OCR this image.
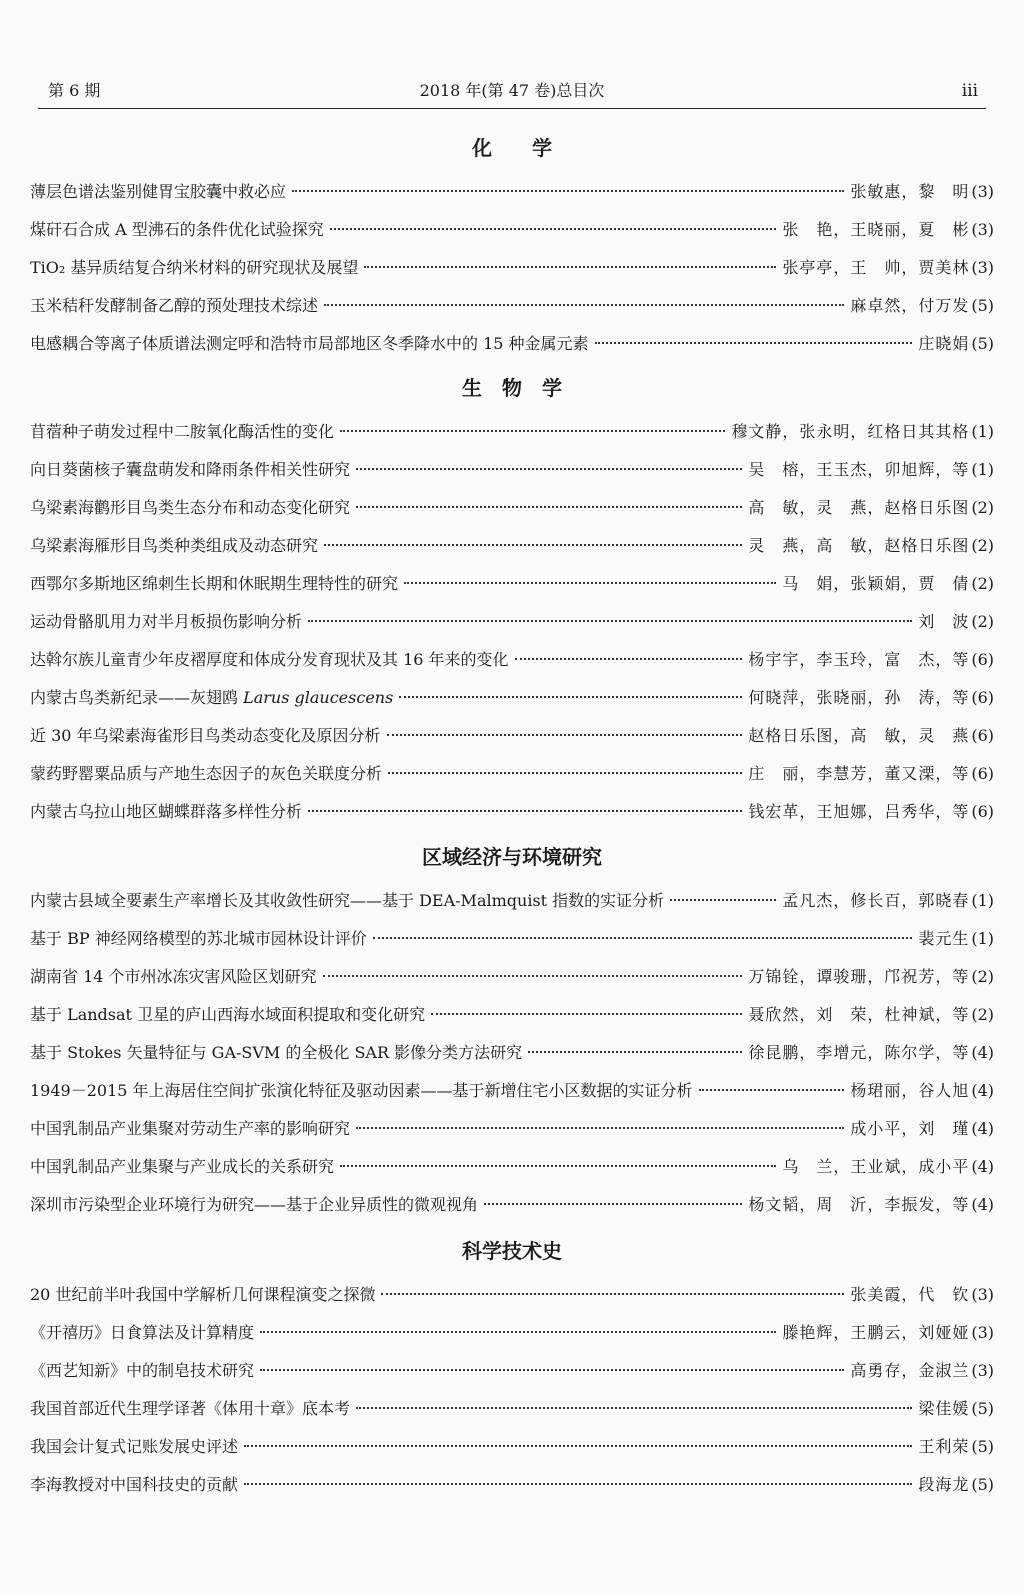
第 6 期	2018 年(第 47 卷)总目次	ⅲ
化　　学
薄层色谱法鉴别健胃宝胶囊中救必应	张敏惠，黎　明 (3)
煤矸石合成 A 型沸石的条件优化试验探究	张　艳，王晓丽，夏　彬 (3)
TiO₂ 基异质结复合纳米材料的研究现状及展望	张亭亭，王　帅，贾美林 (3)
玉米秸秆发酵制备乙醇的预处理技术综述	麻卓然，付万发 (5)
电感耦合等离子体质谱法测定呼和浩特市局部地区冬季降水中的 15 种金属元素	庄晓娟 (5)
生　物　学
苜蓿种子萌发过程中二胺氧化酶活性的变化	穆文静，张永明，红格日其其格 (1)
向日葵菌核子囊盘萌发和降雨条件相关性研究	吴　榕，王玉杰，卯旭辉，等 (1)
乌梁素海鹳形目鸟类生态分布和动态变化研究	高　敏，灵　燕，赵格日乐图 (2)
乌梁素海雁形目鸟类种类组成及动态研究	灵　燕，高　敏，赵格日乐图 (2)
西鄂尔多斯地区绵刺生长期和休眠期生理特性的研究	马　娟，张颖娟，贾　倩 (2)
运动骨骼肌用力对半月板损伤影响分析	刘　波 (2)
达斡尔族儿童青少年皮褶厚度和体成分发育现状及其 16 年来的变化	杨宇宇，李玉玲，富　杰，等 (6)
内蒙古鸟类新纪录——灰翅鸥 Larus glaucescens	何晓萍，张晓丽，孙　涛，等 (6)
近 30 年乌梁素海雀形目鸟类动态变化及原因分析	赵格日乐图，高　敏，灵　燕 (6)
蒙药野罂粟品质与产地生态因子的灰色关联度分析	庄　丽，李慧芳，董又溧，等 (6)
内蒙古乌拉山地区蝴蝶群落多样性分析	钱宏革，王旭娜，吕秀华，等 (6)
区域经济与环境研究
内蒙古县域全要素生产率增长及其收敛性研究——基于 DEA-Malmquist 指数的实证分析	孟凡杰，修长百，郭晓春 (1)
基于 BP 神经网络模型的苏北城市园林设计评价	裴元生 (1)
湖南省 14 个市州冰冻灾害风险区划研究	万锦铨，谭骏珊，邝祝芳，等 (2)
基于 Landsat 卫星的庐山西海水域面积提取和变化研究	聂欣然，刘　荣，杜神斌，等 (2)
基于 Stokes 矢量特征与 GA-SVM 的全极化 SAR 影像分类方法研究	徐昆鹏，李增元，陈尔学，等 (4)
1949－2015 年上海居住空间扩张演化特征及驱动因素——基于新增住宅小区数据的实证分析	杨珺丽，谷人旭 (4)
中国乳制品产业集聚对劳动生产率的影响研究	成小平，刘　瑾 (4)
中国乳制品产业集聚与产业成长的关系研究	乌　兰，王业斌，成小平 (4)
深圳市污染型企业环境行为研究——基于企业异质性的微观视角	杨文韬，周　沂，李振发，等 (4)
科学技术史
20 世纪前半叶我国中学解析几何课程演变之探微	张美霞，代　钦 (3)
《开禧历》日食算法及计算精度	滕艳辉，王鹏云，刘娅娅 (3)
《西艺知新》中的制皂技术研究	高勇存，金淑兰 (3)
我国首部近代生理学译著《体用十章》底本考	梁佳媛 (5)
我国会计复式记账发展史评述	王利荣 (5)
李海教授对中国科技史的贡献	段海龙 (5)
